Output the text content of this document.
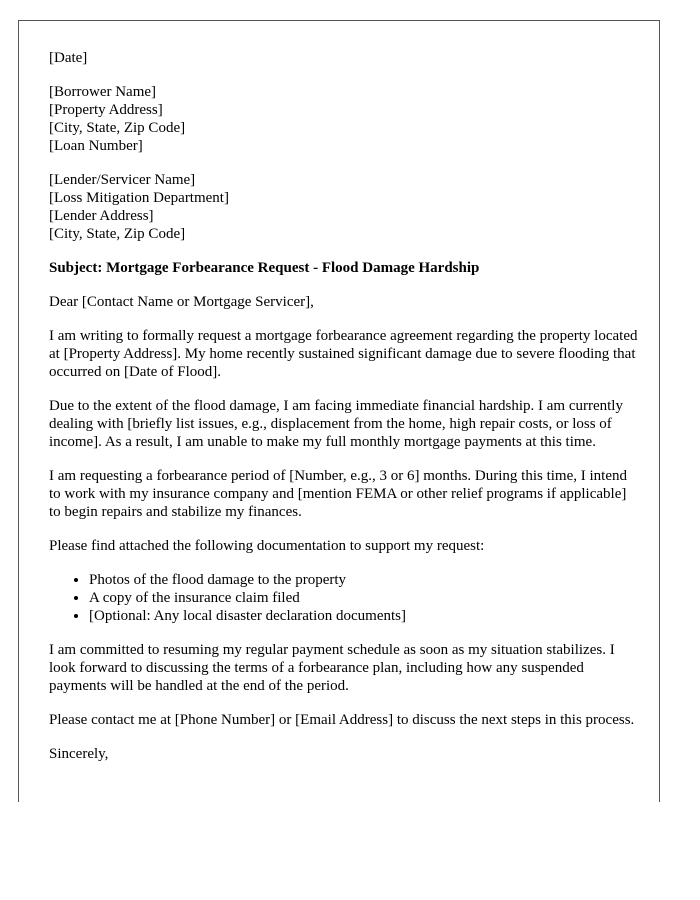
[Date]
[Borrower Name]
[Property Address]
[City, State, Zip Code]
[Loan Number]
[Lender/Servicer Name]
[Loss Mitigation Department]
[Lender Address]
[City, State, Zip Code]

Subject: Mortgage Forbearance Request - Flood Damage Hardship

Dear [Contact Name or Mortgage Servicer],

I am writing to formally request a mortgage forbearance agreement regarding the property located at [Property Address]. My home recently sustained significant damage due to severe flooding that occurred on [Date of Flood].

Due to the extent of the flood damage, I am facing immediate financial hardship. I am currently dealing with [briefly list issues, e.g., displacement from the home, high repair costs, or loss of income]. As a result, I am unable to make my full monthly mortgage payments at this time.

I am requesting a forbearance period of [Number, e.g., 3 or 6] months. During this time, I intend to work with my insurance company and [mention FEMA or other relief programs if applicable] to begin repairs and stabilize my finances.

Please find attached the following documentation to support my request:

• Photos of the flood damage to the property
• A copy of the insurance claim filed
• [Optional: Any local disaster declaration documents]

I am committed to resuming my regular payment schedule as soon as my situation stabilizes. I look forward to discussing the terms of a forbearance plan, including how any suspended payments will be handled at the end of the period.

Please contact me at [Phone Number] or [Email Address] to discuss the next steps in this process.

Sincerely,
